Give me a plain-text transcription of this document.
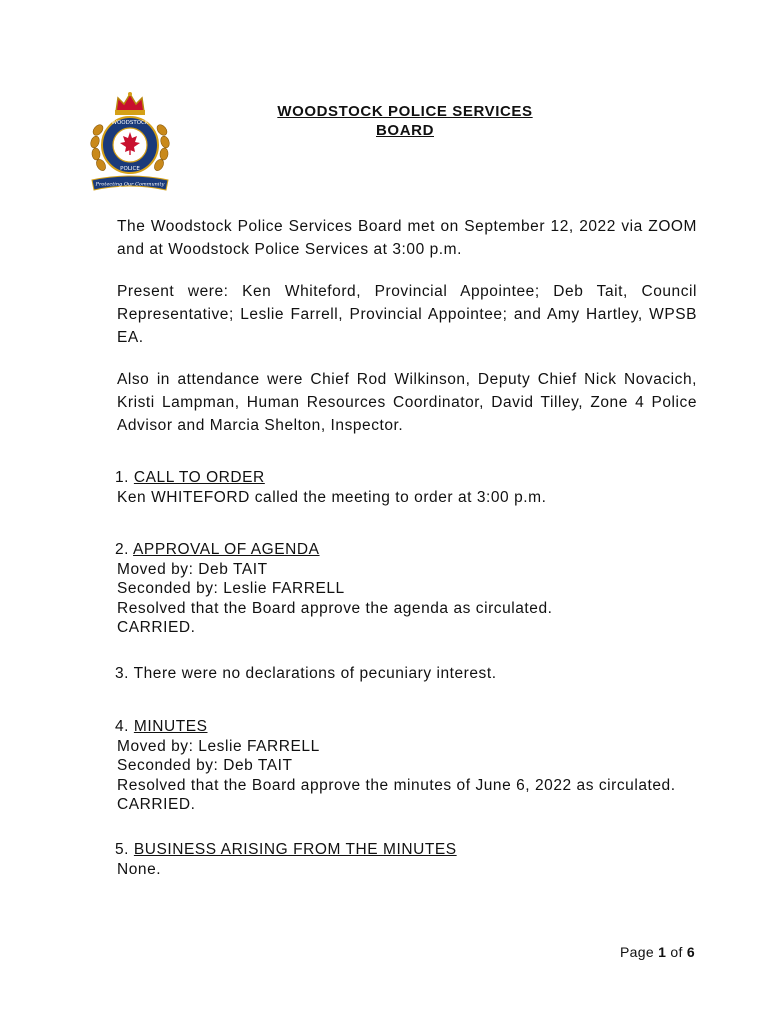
WOODSTOCK
POLICE
Protecting Our Community
WOODSTOCK POLICE SERVICES
BOARD
The Woodstock Police Services Board met on September 12, 2022 via ZOOM and at Woodstock Police Services at 3:00 p.m.
Present were: Ken Whiteford, Provincial Appointee; Deb Tait, Council Representative; Leslie Farrell, Provincial Appointee; and Amy Hartley, WPSB EA.
Also in attendance were Chief Rod Wilkinson, Deputy Chief Nick Novacich, Kristi Lampman, Human Resources Coordinator, David Tilley, Zone 4 Police Advisor and Marcia Shelton, Inspector.
1. CALL TO ORDER
Ken WHITEFORD called the meeting to order at 3:00 p.m.
2. APPROVAL OF AGENDA
Moved by: Deb TAIT
Seconded by: Leslie FARRELL
Resolved that the Board approve the agenda as circulated.
CARRIED.
3. There were no declarations of pecuniary interest.
4. MINUTES
Moved by: Leslie FARRELL
Seconded by: Deb TAIT
Resolved that the Board approve the minutes of June 6, 2022 as circulated.
CARRIED.
5. BUSINESS ARISING FROM THE MINUTES
None.
Page 1 of 6
